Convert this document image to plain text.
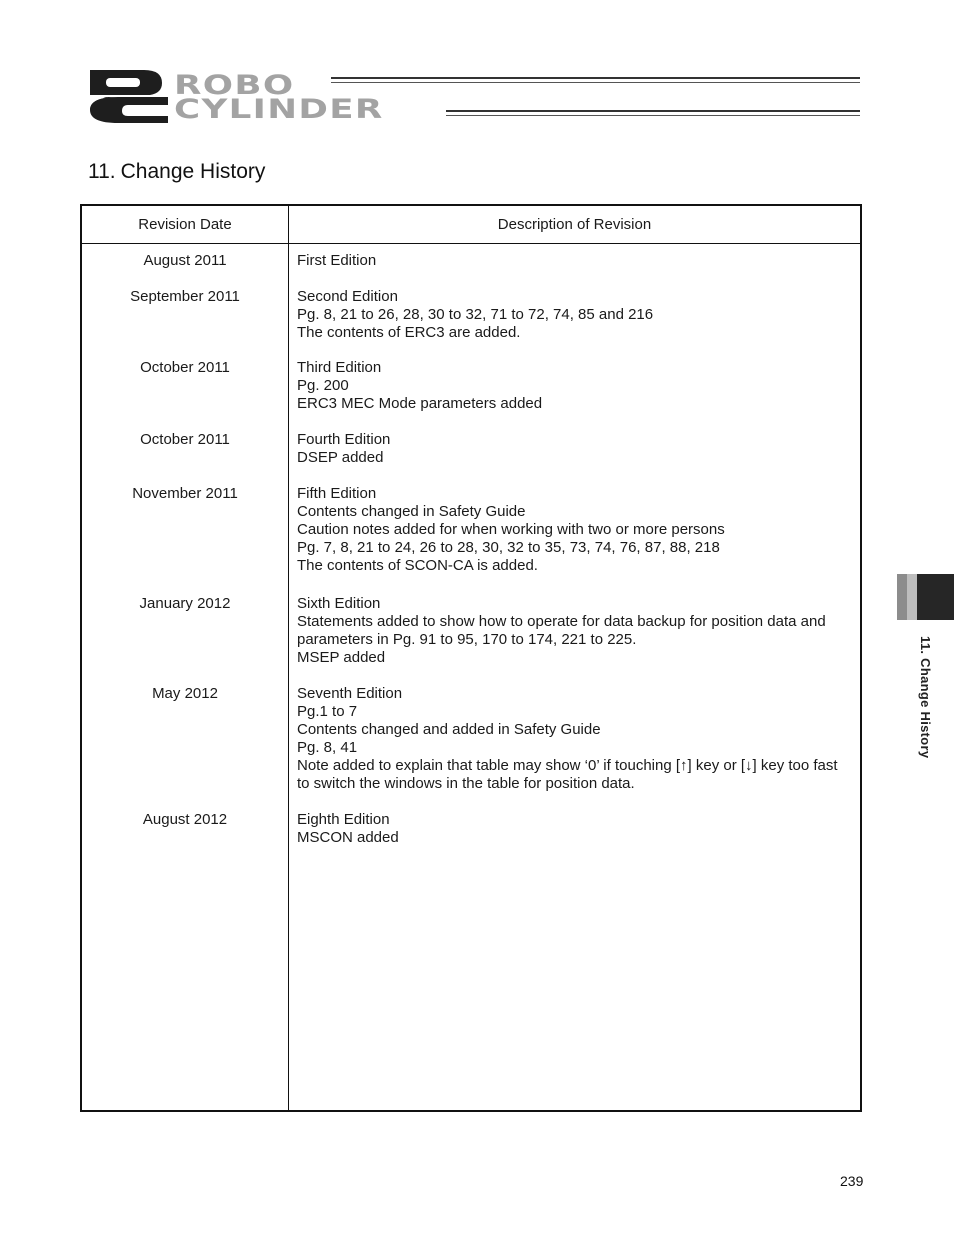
ROBO
CYLINDER
11. Change History
Revision Date	Description of Revision
August 2011	First Edition
September 2011	Second Edition
Pg. 8, 21 to 26, 28, 30 to 32, 71 to 72, 74, 85 and 216
The contents of ERC3 are added.
October 2011	Third Edition
Pg. 200
ERC3 MEC Mode parameters added
October 2011	Fourth Edition
DSEP added
November 2011	Fifth Edition
Contents changed in Safety Guide
Caution notes added for when working with two or more persons
Pg. 7, 8, 21 to 24, 26 to 28, 30, 32 to 35, 73, 74, 76, 87, 88, 218
The contents of SCON-CA is added.
January 2012	Sixth Edition
Statements added to show how to operate for data backup for position data and parameters in Pg. 91 to 95, 170 to 174, 221 to 225.
MSEP added
May 2012	Seventh Edition
Pg.1 to 7
Contents changed and added in Safety Guide
Pg. 8, 41
Note added to explain that table may show ‘0’ if touching [↑] key or [↓] key too fast to switch the windows in the table for position data.
August 2012	Eighth Edition
MSCON added
11. Change History
239
